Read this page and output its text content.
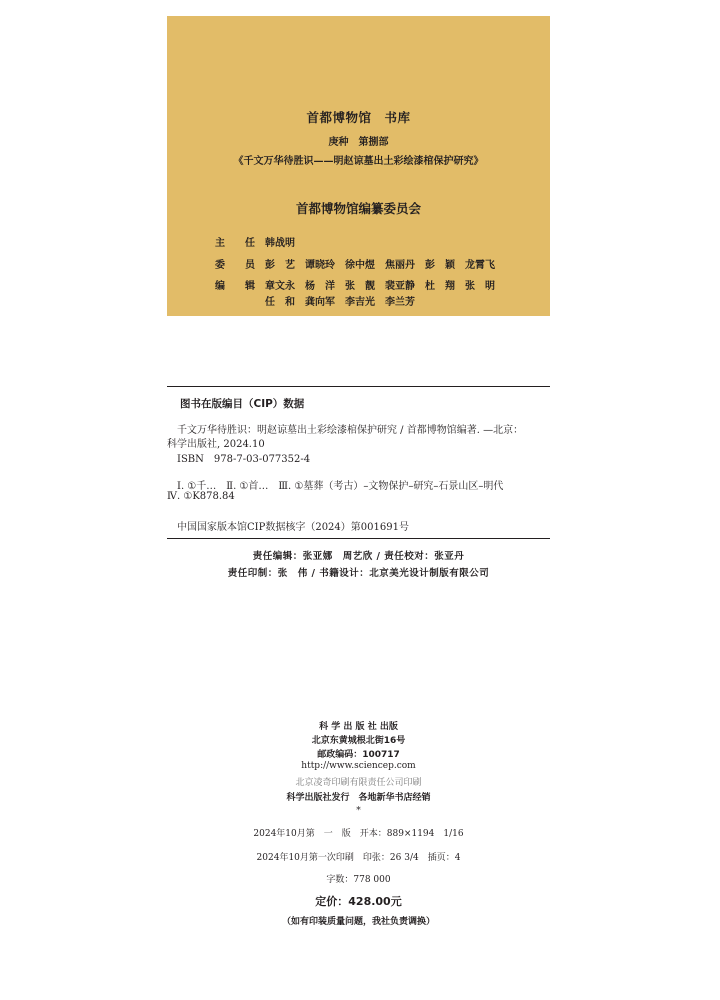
首都博物馆　书库
庚种　第捌部
《千文万华待胜识——明赵谅墓出土彩绘漆棺保护研究》
首都博物馆编纂委员会
主　　任	韩战明
委　　员	彭　艺　谭晓玲　徐中煜　焦丽丹　彭　颖　龙霄飞
编　　辑	章文永　杨　洋　张　靓　裴亚静　杜　翔　张　明
任　和　龚向军　李吉光　李兰芳
图书在版编目（CIP）数据
千文万华待胜识：明赵谅墓出土彩绘漆棺保护研究 / 首都博物馆编著. —北京：
科学出版社, 2024.10
ISBN　978-7-03-077352-4
Ⅰ. ①千…　Ⅱ. ①首…　Ⅲ. ①墓葬（考古）–文物保护–研究–石景山区–明代
Ⅳ. ①K878.84
中国国家版本馆CIP数据核字（2024）第001691号
责任编辑：张亚娜　周艺欣 / 责任校对：张亚丹
责任印制：张　伟 / 书籍设计：北京美光设计制版有限公司
科 学 出 版 社 出版
北京东黄城根北街16号
邮政编码：100717
http://www.sciencep.com
北京凌奇印刷有限责任公司印刷
科学出版社发行　各地新华书店经销
*
2024年10月第　一　版　开本：889×1194　1/16
2024年10月第一次印刷　印张：26 3/4　插页：4
字数：778 000
定价：428.00元
（如有印装质量问题，我社负责调换）
